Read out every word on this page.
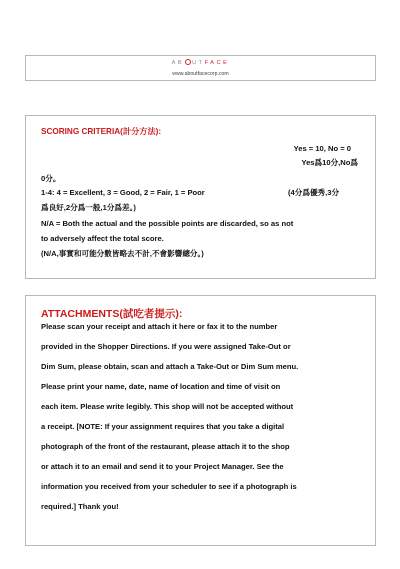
AB UTFACE
www.aboutfacecorp.com
SCORING CRITERIA(計分方法):
Yes = 10, No = 0
Yes爲10分,No爲
0分。
1-4: 4 = Excellent, 3 = Good, 2 = Fair, 1 = Poor	(4分爲優秀,3分
爲良好,2分爲一般,1分爲差。)
N/A = Both the actual and the possible points are discarded, so as not
to adversely affect the total score.
(N/A,事實和可能分數皆略去不計,不會影響總分。)
ATTACHMENTS(試吃者提示):
Please scan your receipt and attach it here or fax it to the number
provided in the Shopper Directions. If you were assigned Take-Out or
Dim Sum, please obtain, scan and attach a Take-Out or Dim Sum menu.
Please print your name, date, name of location and time of visit on
each item. Please write legibly. This shop will not be accepted without
a receipt. [NOTE: If your assignment requires that you take a digital
photograph of the front of the restaurant, please attach it to the shop
or attach it to an email and send it to your Project Manager. See the
information you received from your scheduler to see if a photograph is
required.] Thank you!
